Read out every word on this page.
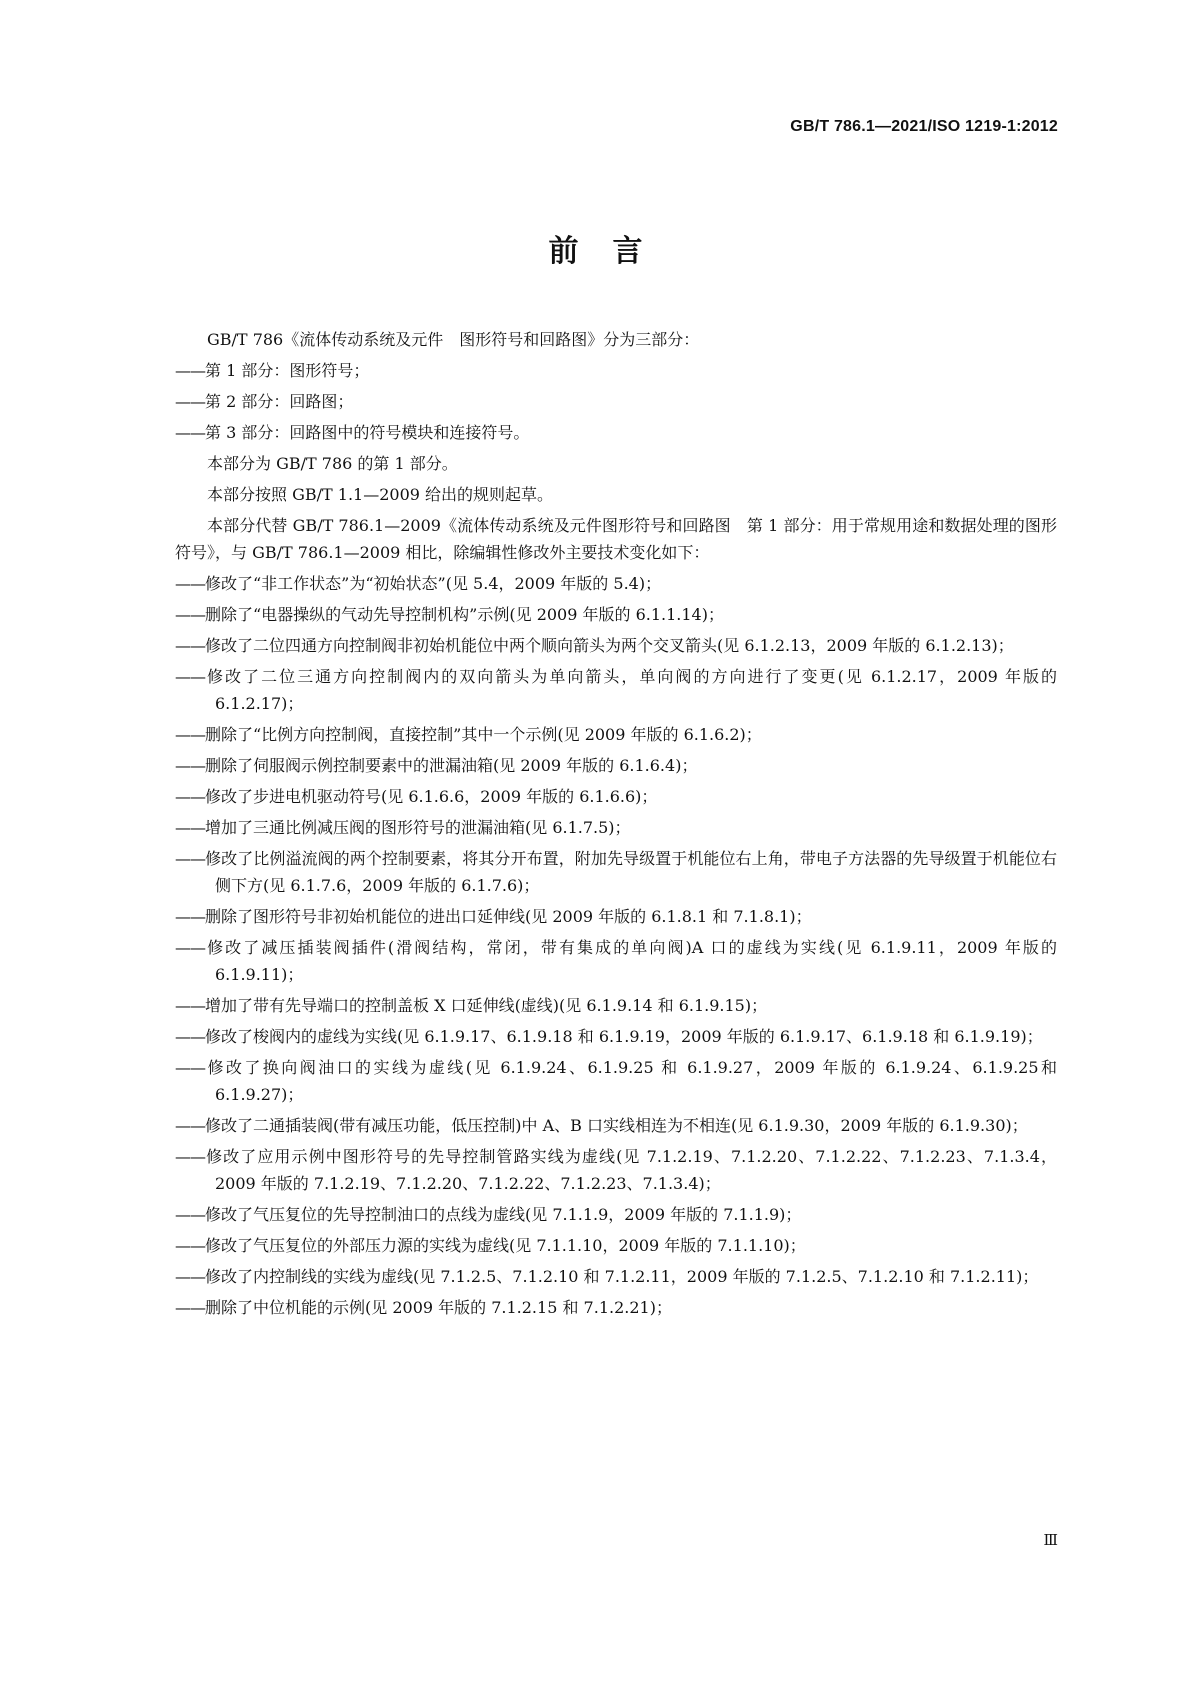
GB/T 786.1—2021/ISO 1219-1:2012
前言

GB/T 786《流体传动系统及元件　图形符号和回路图》分为三部分：

——第 1 部分：图形符号；

——第 2 部分：回路图；

——第 3 部分：回路图中的符号模块和连接符号。

本部分为 GB/T 786 的第 1 部分。

本部分按照 GB/T 1.1—2009 给出的规则起草。

本部分代替 GB/T 786.1—2009《流体传动系统及元件图形符号和回路图　第 1 部分：用于常规用途和数据处理的图形符号》，与 GB/T 786.1—2009 相比，除编辑性修改外主要技术变化如下：

——修改了“非工作状态”为“初始状态”(见 5.4，2009 年版的 5.4)；

——删除了“电器操纵的气动先导控制机构”示例(见 2009 年版的 6.1.1.14)；

——修改了二位四通方向控制阀非初始机能位中两个顺向箭头为两个交叉箭头(见 6.1.2.13，2009 年版的 6.1.2.13)；

——修改了二位三通方向控制阀内的双向箭头为单向箭头，单向阀的方向进行了变更(见 6.1.2.17，2009 年版的 6.1.2.17)；

——删除了“比例方向控制阀，直接控制”其中一个示例(见 2009 年版的 6.1.6.2)；

——删除了伺服阀示例控制要素中的泄漏油箱(见 2009 年版的 6.1.6.4)；

——修改了步进电机驱动符号(见 6.1.6.6，2009 年版的 6.1.6.6)；

——增加了三通比例减压阀的图形符号的泄漏油箱(见 6.1.7.5)；

——修改了比例溢流阀的两个控制要素，将其分开布置，附加先导级置于机能位右上角，带电子方法器的先导级置于机能位右侧下方(见 6.1.7.6，2009 年版的 6.1.7.6)；

——删除了图形符号非初始机能位的进出口延伸线(见 2009 年版的 6.1.8.1 和 7.1.8.1)；

——修改了减压插装阀插件(滑阀结构，常闭，带有集成的单向阀)A 口的虚线为实线(见 6.1.9.11，2009 年版的 6.1.9.11)；

——增加了带有先导端口的控制盖板 X 口延伸线(虚线)(见 6.1.9.14 和 6.1.9.15)；

——修改了梭阀内的虚线为实线(见 6.1.9.17、6.1.9.18 和 6.1.9.19，2009 年版的 6.1.9.17、6.1.9.18 和 6.1.9.19)；

——修改了换向阀油口的实线为虚线(见 6.1.9.24、6.1.9.25 和 6.1.9.27，2009 年版的 6.1.9.24、6.1.9.25和 6.1.9.27)；

——修改了二通插装阀(带有减压功能，低压控制)中 A、B 口实线相连为不相连(见 6.1.9.30，2009 年版的 6.1.9.30)；

——修改了应用示例中图形符号的先导控制管路实线为虚线(见 7.1.2.19、7.1.2.20、7.1.2.22、7.1.2.23、7.1.3.4，2009 年版的 7.1.2.19、7.1.2.20、7.1.2.22、7.1.2.23、7.1.3.4)；

——修改了气压复位的先导控制油口的点线为虚线(见 7.1.1.9，2009 年版的 7.1.1.9)；

——修改了气压复位的外部压力源的实线为虚线(见 7.1.1.10，2009 年版的 7.1.1.10)；

——修改了内控制线的实线为虚线(见 7.1.2.5、7.1.2.10 和 7.1.2.11，2009 年版的 7.1.2.5、7.1.2.10 和 7.1.2.11)；

——删除了中位机能的示例(见 2009 年版的 7.1.2.15 和 7.1.2.21)；

Ⅲ
